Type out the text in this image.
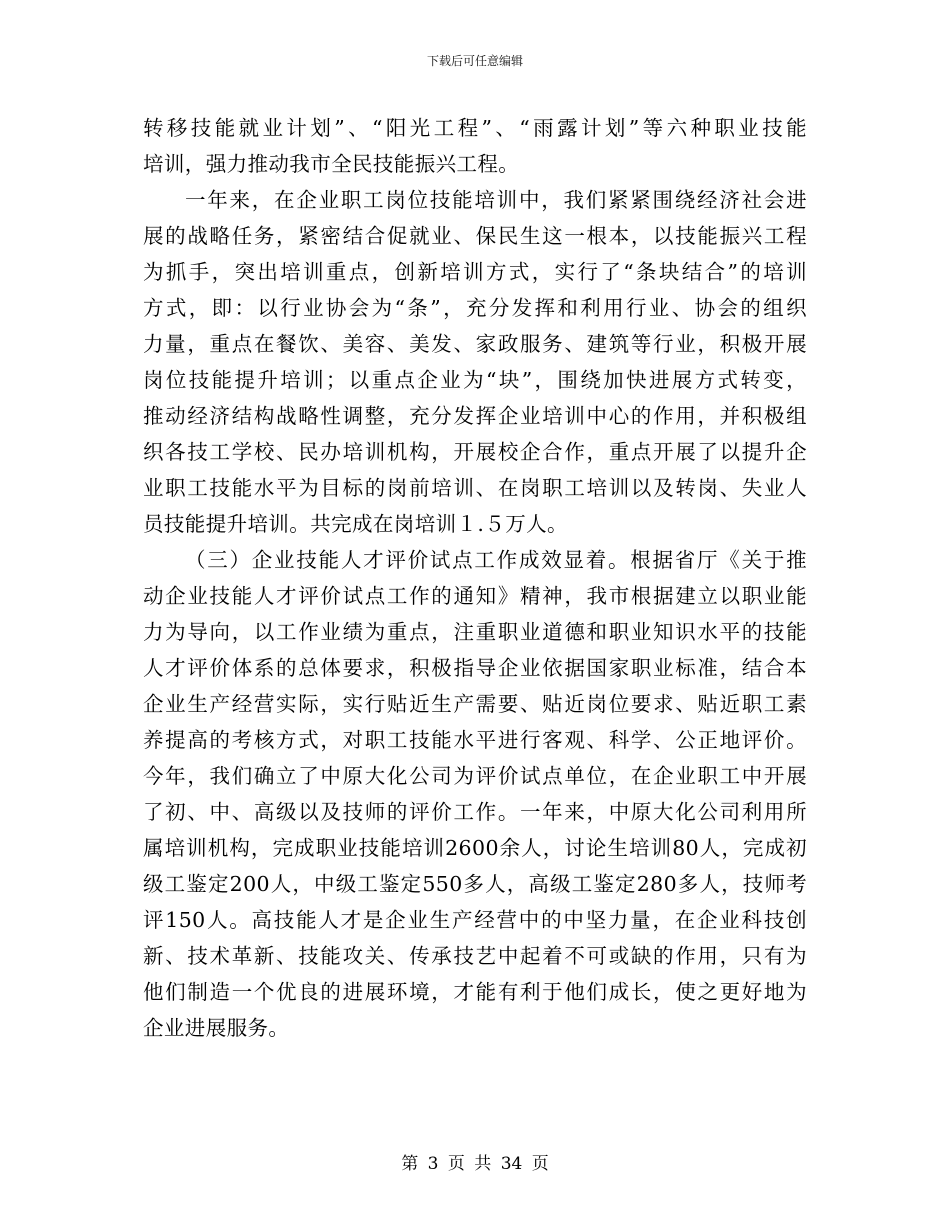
下载后可任意编辑
转移技能就业计划”、“阳光工程”、“雨露计划”等六种职业技能
培训，强力推动我市全民技能振兴工程。
一年来，在企业职工岗位技能培训中，我们紧紧围绕经济社会进
展的战略任务，紧密结合促就业、保民生这一根本，以技能振兴工程
为抓手，突出培训重点，创新培训方式，实行了“条块结合”的培训
方式，即：以行业协会为“条”，充分发挥和利用行业、协会的组织
力量，重点在餐饮、美容、美发、家政服务、建筑等行业，积极开展
岗位技能提升培训；以重点企业为“块”，围绕加快进展方式转变，
推动经济结构战略性调整，充分发挥企业培训中心的作用，并积极组
织各技工学校、民办培训机构，开展校企合作，重点开展了以提升企
业职工技能水平为目标的岗前培训、在岗职工培训以及转岗、失业人
员技能提升培训。共完成在岗培训１.５万人。
（三）企业技能人才评价试点工作成效显着。根据省厅《关于推
动企业技能人才评价试点工作的通知》精神，我市根据建立以职业能
力为导向，以工作业绩为重点，注重职业道德和职业知识水平的技能
人才评价体系的总体要求，积极指导企业依据国家职业标准，结合本
企业生产经营实际，实行贴近生产需要、贴近岗位要求、贴近职工素
养提高的考核方式，对职工技能水平进行客观、科学、公正地评价。
今年，我们确立了中原大化公司为评价试点单位，在企业职工中开展
了初、中、高级以及技师的评价工作。一年来，中原大化公司利用所
属培训机构，完成职业技能培训2600余人，讨论生培训80人，完成初
级工鉴定200人，中级工鉴定550多人，高级工鉴定280多人，技师考
评150人。高技能人才是企业生产经营中的中坚力量，在企业科技创
新、技术革新、技能攻关、传承技艺中起着不可或缺的作用，只有为
他们制造一个优良的进展环境，才能有利于他们成长，使之更好地为
企业进展服务。
第 3 页 共 34 页
